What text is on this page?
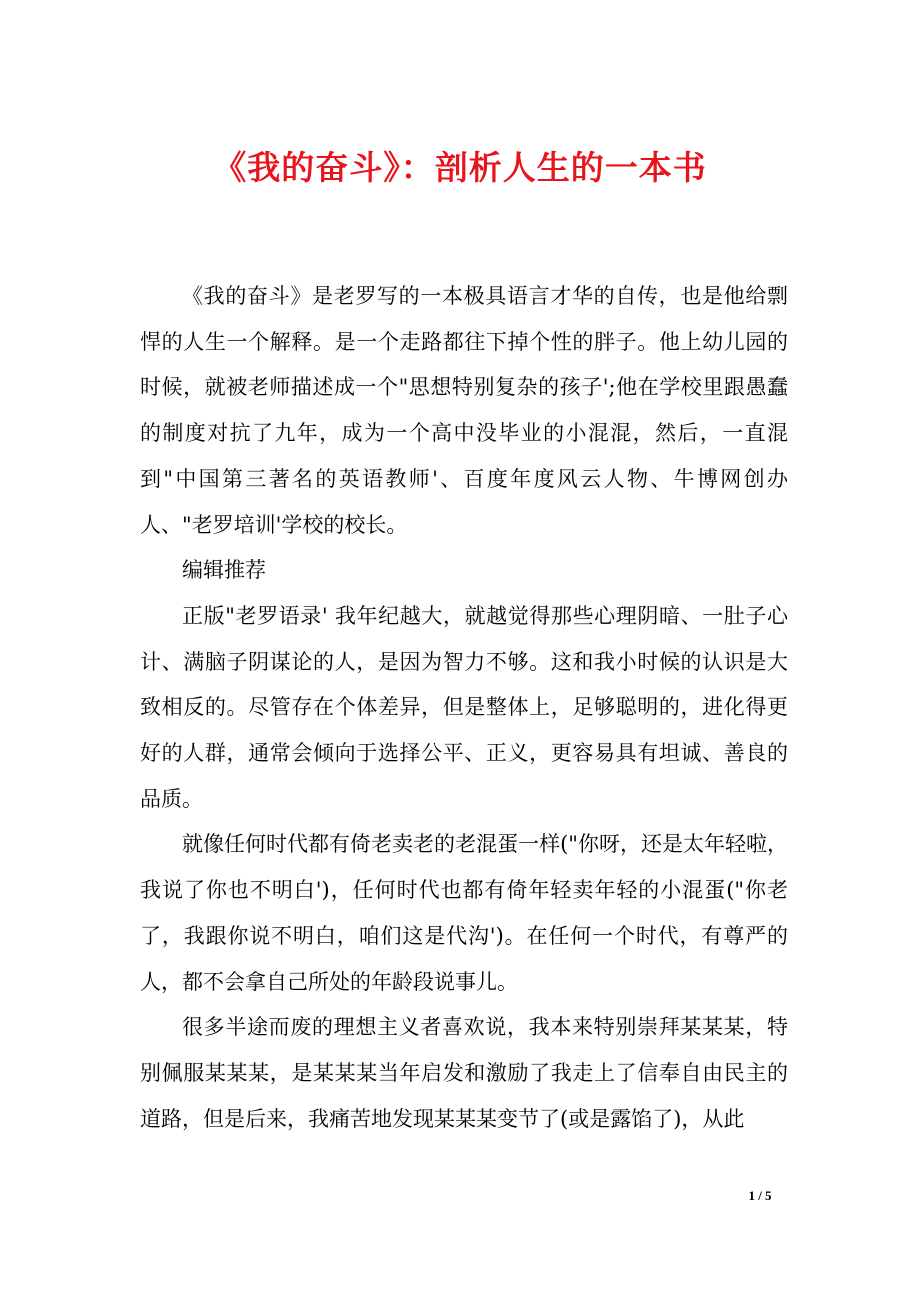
《我的奋斗》：剖析人生的一本书

《我的奋斗》是老罗写的一本极具语言才华的自传，也是他给剽悍的人生一个解释。是一个走路都往下掉个性的胖子。他上幼儿园的时候，就被老师描述成一个"思想特别复杂的孩子';他在学校里跟愚蠢的制度对抗了九年，成为一个高中没毕业的小混混，然后，一直混到"中国第三著名的英语教师'、百度年度风云人物、牛博网创办人、"老罗培训'学校的校长。

编辑推荐

正版"老罗语录' 我年纪越大，就越觉得那些心理阴暗、一肚子心计、满脑子阴谋论的人，是因为智力不够。这和我小时候的认识是大致相反的。尽管存在个体差异，但是整体上，足够聪明的，进化得更好的人群，通常会倾向于选择公平、正义，更容易具有坦诚、善良的品质。

就像任何时代都有倚老卖老的老混蛋一样("你呀，还是太年轻啦，我说了你也不明白')，任何时代也都有倚年轻卖年轻的小混蛋("你老了，我跟你说不明白，咱们这是代沟')。在任何一个时代，有尊严的人，都不会拿自己所处的年龄段说事儿。

很多半途而废的理想主义者喜欢说，我本来特别崇拜某某某，特别佩服某某某，是某某某当年启发和激励了我走上了信奉自由民主的道路，但是后来，我痛苦地发现某某某变节了(或是露馅了)，从此

1 / 5
